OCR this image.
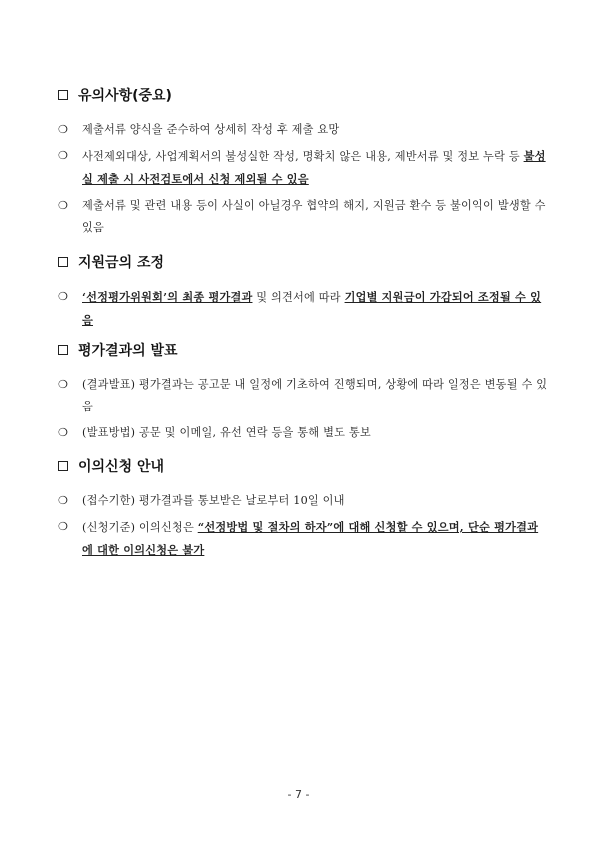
유의사항(중요)
❍	제출서류 양식을 준수하여 상세히 작성 후 제출 요망
❍	사전제외대상, 사업계획서의 불성실한 작성, 명확치 않은 내용, 제반서류 및 정보 누락 등 불성실 제출 시 사전검토에서 신청 제외될 수 있음
❍	제출서류 및 관련 내용 등이 사실이 아닐경우 협약의 해지, 지원금 환수 등 불이익이 발생할 수 있음
지원금의 조정
❍	‘선정평가위원회’의 최종 평가결과 및 의견서에 따라 기업별 지원금이 가감되어 조정될 수 있음
평가결과의 발표
❍	(결과발표) 평가결과는 공고문 내 일정에 기초하여 진행되며, 상황에 따라 일정은 변동될 수 있음
❍	(발표방법) 공문 및 이메일, 유선 연락 등을 통해 별도 통보
이의신청 안내
❍	(접수기한) 평가결과를 통보받은 날로부터 10일 이내
❍	(신청기준) 이의신청은 “선정방법 및 절차의 하자”에 대해 신청할 수 있으며, 단순 평가결과에 대한 이의신청은 불가
- 7 -
